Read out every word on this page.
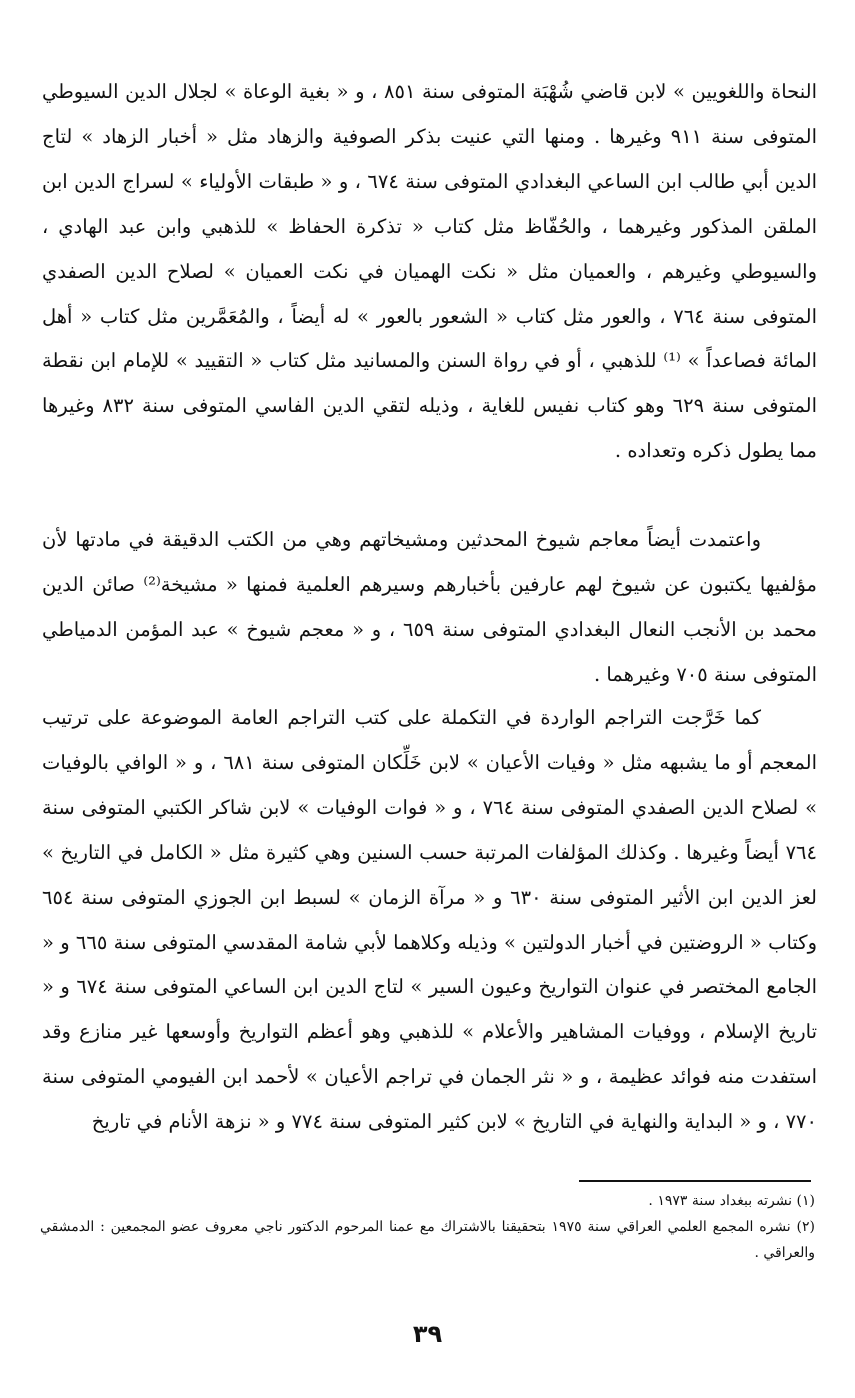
النحاة واللغويين » لابن قاضي شُهْبَة المتوفى سنة ٨٥١ ، و « بغية الوعاة » لجلال الدين السيوطي المتوفى سنة ٩١١ وغيرها . ومنها التي عنيت بذكر الصوفية والزهاد مثل « أخبار الزهاد » لتاج الدين أبي طالب ابن الساعي البغدادي المتوفى سنة ٦٧٤ ، و « طبقات الأولياء » لسراج الدين ابن الملقن المذكور وغيرهما ، والحُفّاظ مثل كتاب « تذكرة الحفاظ » للذهبي وابن عبد الهادي ، والسيوطي وغيرهم ، والعميان مثل « نكت الهميان في نكت العميان » لصلاح الدين الصفدي المتوفى سنة ٧٦٤ ، والعور مثل كتاب « الشعور بالعور » له أيضاً ، والمُعَمَّرين مثل كتاب « أهل المائة فصاعداً » ⁽¹⁾ للذهبي ، أو في رواة السنن والمسانيد مثل كتاب « التقييد » للإمام ابن نقطة المتوفى سنة ٦٢٩ وهو كتاب نفيس للغاية ، وذيله لتقي الدين الفاسي المتوفى سنة ٨٣٢ وغيرها مما يطول ذكره وتعداده .

واعتمدت أيضاً معاجم شيوخ المحدثين ومشيخاتهم وهي من الكتب الدقيقة في مادتها لأن مؤلفيها يكتبون عن شيوخ لهم عارفين بأخبارهم وسيرهم العلمية فمنها « مشيخة⁽²⁾ صائن الدين محمد بن الأنجب النعال البغدادي المتوفى سنة ٦٥٩ ، و « معجم شيوخ » عبد المؤمن الدمياطي المتوفى سنة ٧٠٥ وغيرهما .

كما خَرَّجت التراجم الواردة في التكملة على كتب التراجم العامة الموضوعة على ترتيب المعجم أو ما يشبهه مثل « وفيات الأعيان » لابن خَلِّكان المتوفى سنة ٦٨١ ، و « الوافي بالوفيات » لصلاح الدين الصفدي المتوفى سنة ٧٦٤ ، و « فوات الوفيات » لابن شاكر الكتبي المتوفى سنة ٧٦٤ أيضاً وغيرها . وكذلك المؤلفات المرتبة حسب السنين وهي كثيرة مثل « الكامل في التاريخ » لعز الدين ابن الأثير المتوفى سنة ٦٣٠ و « مرآة الزمان » لسبط ابن الجوزي المتوفى سنة ٦٥٤ وكتاب « الروضتين في أخبار الدولتين » وذيله وكلاهما لأبي شامة المقدسي المتوفى سنة ٦٦٥ و « الجامع المختصر في عنوان التواريخ وعيون السير » لتاج الدين ابن الساعي المتوفى سنة ٦٧٤ و « تاريخ الإسلام ، ووفيات المشاهير والأعلام » للذهبي وهو أعظم التواريخ وأوسعها غير منازع وقد استفدت منه فوائد عظيمة ، و « نثر الجمان في تراجم الأعيان » لأحمد ابن الفيومي المتوفى سنة ٧٧٠ ، و « البداية والنهاية في التاريخ » لابن كثير المتوفى سنة ٧٧٤ و « نزهة الأنام في تاريخ

(١) نشرته ببغداد سنة ١٩٧٣ .

(٢) نشره المجمع العلمي العراقي سنة ١٩٧٥ بتحقيقنا بالاشتراك مع عمنا المرحوم الدكتور ناجي معروف عضو المجمعين : الدمشقي والعراقي .

٣٩
